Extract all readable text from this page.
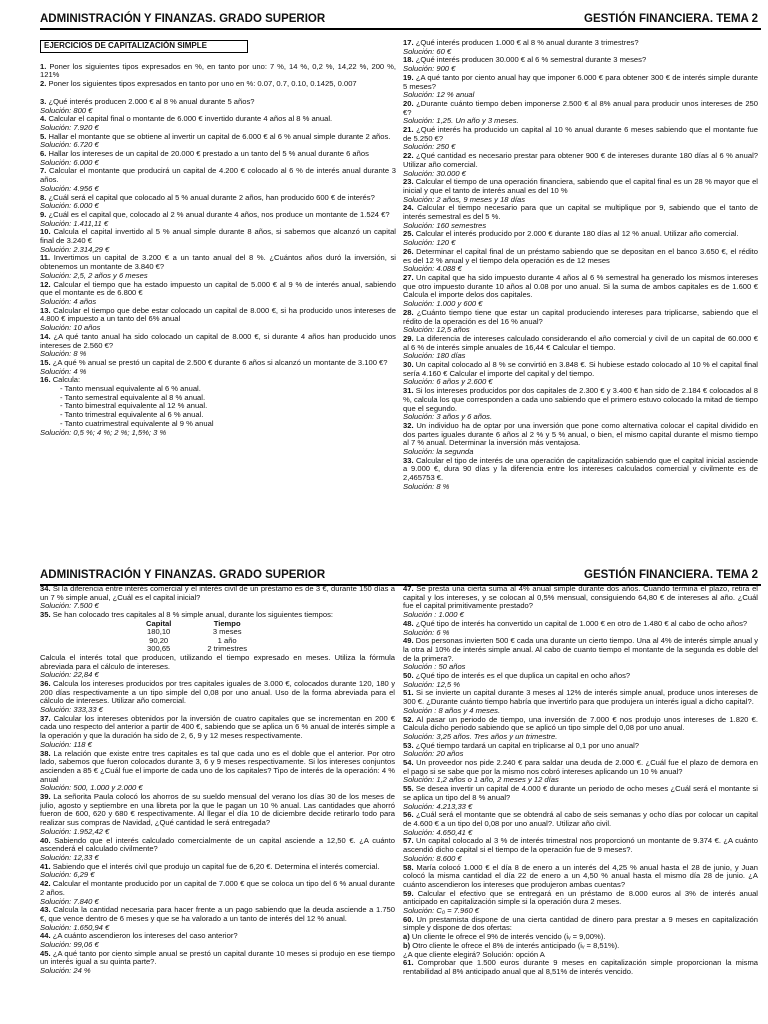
ADMINISTRACIÓN Y FINANZAS. GRADO SUPERIOR	GESTIÓN FINANCIERA. TEMA 2
EJERCICIOS DE CAPITALIZACIÓN SIMPLE

1. Poner los siguientes tipos expresados en %, en tanto por uno: 7 %, 14 %, 0,2 %, 14,22 %, 200 %, 121%

2. Poner los siguientes tipos expresados en tanto por uno en %: 0.07, 0.7, 0.10, 0.1425, 0.007

3. ¿Qué interés producen 2.000 € al 8 % anual durante 5 años?

Solución: 800 €

4. Calcular el capital final o montante de 6.000 € invertido durante 4 años al 8 % anual.

Solución: 7.920 €

5. Hallar el montante que se obtiene al invertir un capital de 6.000 € al 6 % anual simple durante 2 años.

Solución: 6.720 €

6. Hallar los intereses de un capital de 20.000 € prestado a un tanto del 5 % anual durante 6 años

Solución: 6.000 €

7. Calcular el montante que producirá un capital de 4.200 € colocado al 6 % de interés anual durante 3 años.

Solución: 4.956 €

8. ¿Cuál será el capital que colocado al 5 % anual durante 2 años, han producido 600 € de interés?

Solución: 6.000 €

9. ¿Cuál es el capital que, colocado al 2 % anual durante 4 años, nos produce un montante de 1.524 €?

Solución: 1.411,11 €

10. Calcula el capital invertido al 5 % anual simple durante 8 años, si sabemos que alcanzó un capital final de 3.240 €

Solución: 2.314,29 €

11. Invertimos un capital de 3.200 € a un tanto anual del 8 %. ¿Cuántos años duró la inversión, si obtenemos un montante de 3.840 €?

Solución: 2,5, 2 años y 6 meses

12. Calcular el tiempo que ha estado impuesto un capital de 5.000 € al 9 % de interés anual, sabiendo que el montante es de 6.800 €

Solución: 4 años

13. Calcular el tiempo que debe estar colocado un capital de 8.000 €, si ha producido unos intereses de 4.800 € impuesto a un tanto del 6% anual

Solución: 10 años

14. ¿A qué tanto anual ha sido colocado un capital de 8.000 €, si durante 4 años han producido unos intereses de 2.560 €?

Solución: 8 %

15. ¿A qué % anual se prestó un capital de 2.500 € durante 6 años si alcanzó un montante de 3.100 €?

Solución: 4 %

16. Calcula:

- Tanto mensual equivalente al 6 % anual.

- Tanto semestral equivalente al 8 % anual.

- Tanto bimestral equivalente al 12 % anual.

- Tanto trimestral equivalente al 6 % anual.

- Tanto cuatrimestral equivalente al 9 % anual

Solución: 0,5 %; 4 %; 2 %; 1,5%; 3 %

17. ¿Qué interés producen 1.000 € al 8 % anual durante 3 trimestres?

Solución: 60 €

18. ¿Qué interés producen 30.000 € al 6 % semestral durante 3 meses?

Solución: 900 €

19. ¿A qué tanto por ciento anual hay que imponer 6.000 € para obtener 300 € de interés simple durante 5 meses?

Solución: 12 % anual

20. ¿Durante cuánto tiempo deben imponerse 2.500 € al 8% anual para producir unos intereses de 250 €?

Solución: 1,25. Un año y 3 meses.

21. ¿Qué interés ha producido un capital al 10 % anual durante 6 meses sabiendo que el montante fue de 5.250 €?

Solución: 250 €

22. ¿Qué cantidad es necesario prestar para obtener 900 € de intereses durante 180 días al 6 % anual? Utilizar año comercial.

Solución: 30.000 €

23. Calcular el tiempo de una operación financiera, sabiendo que el capital final es un 28 % mayor que el inicial y que el tanto de interés anual es del 10 %

Solución: 2 años, 9 meses y 18 días

24. Calcular el tiempo necesario para que un capital se multiplique por 9, sabiendo que el tanto de interés semestral es del 5 %.

Solución: 160 semestres

25. Calcular el interés producido por 2.000 € durante 180 días al 12 % anual. Utilizar año comercial.

Solución: 120 €

26. Determinar el capital final de un préstamo sabiendo que se depositan en el banco 3.650 €, el rédito es del 12 % anual y el tiempo dela operación es de 12 meses

Solución: 4.088 €

27. Un capital que ha sido impuesto durante 4 años al 6 % semestral ha generado los mismos intereses que otro impuesto durante 10 años al 0.08 por uno anual. Si la suma de ambos capitales es de 1.600 € Calcula el importe delos dos capitales.

Solución: 1.000 y 600 €

28. ¿Cuánto tiempo tiene que estar un capital produciendo intereses para triplicarse, sabiendo que el rédito de la operación es del 16 % anual?

Solución: 12,5 años

29. La diferencia de intereses calculado considerando el año comercial y civil de un capital de 60.000 € al 6 % de interés simple anuales de 16,44 € Calcular el tiempo.

Solución: 180 días

30. Un capital colocado al 8 % se convirtió en 3.848 €. Si hubiese estado colocado al 10 % el capital final sería 4.160 € Calcular el importe del capital y del tiempo.

Solución: 6 años y 2.600 €

31. Si los intereses producidos por dos capitales de 2.300 € y 3.400 € han sido de 2.184 € colocados al 8 %, calcula los que corresponden a cada uno sabiendo que el primero estuvo colocado la mitad de tiempo que el segundo.

Solución: 3 años y 6 años.

32. Un individuo ha de optar por una inversión que pone como alternativa colocar el capital dividido en dos partes iguales durante 6 años al 2 % y 5 % anual, o bien, el mismo capital durante el mismo tiempo al 7 % anual. Determinar la inversión más ventajosa.

Solución: la segunda

33. Calcular el tipo de interés de una operación de capitalización sabiendo que el capital inicial asciende a 9.000 €, dura 90 días y la diferencia entre los intereses calculados comercial y civilmente es de 2,465753 €.

Solución: 8 %

ADMINISTRACIÓN Y FINANZAS. GRADO SUPERIOR	GESTIÓN FINANCIERA. TEMA 2

34. Si la diferencia entre interés comercial y el interés civil de un préstamo es de 3 €, durante 150 días a un 7 % simple anual, ¿Cuál es el capital inicial?

Solución: 7.500 €

35. Se han colocado tres capitales al 8 % simple anual, durante los siguientes tiempos:

Capital	Tiempo
180,10	3 meses
90,20	1 año
300,65	2 trimestres

Calcula el interés total que producen, utilizando el tiempo expresado en meses. Utiliza la fórmula abreviada para el cálculo de intereses.

Solución: 22,84 €

36. Calcula los intereses producidos por tres capitales iguales de 3.000 €, colocados durante 120, 180 y 200 días respectivamente a un tipo simple del 0,08 por uno anual. Uso de la forma abreviada para el cálculo de intereses. Utilizar año comercial.

Solución: 333,33 €

37. Calcular los intereses obtenidos por la inversión de cuatro capitales que se incrementan en 200 € cada uno respecto del anterior a partir de 400 €, sabiendo que se aplica un 6 % anual de interés simple a la operación y que la duración ha sido de 2, 6, 9 y 12 meses respectivamente.

Solución: 118 €

38. La relación que existe entre tres capitales es tal que cada uno es el doble que el anterior. Por otro lado, sabemos que fueron colocados durante 3, 6 y 9 meses respectivamente. Si los intereses conjuntos ascienden a 85 € ¿Cuál fue el importe de cada uno de los capitales? Tipo de interés de la operación: 4 % anual

Solución: 500, 1.000 y 2.000 €

39. La señorita Paula colocó los ahorros de su sueldo mensual del verano los días 30 de los meses de julio, agosto y septiembre en una libreta por la que le pagan un 10 % anual. Las cantidades que ahorró fueron de 600, 620 y 680 € respectivamente. Al llegar el día 10 de diciembre decide retirarlo todo para realizar sus compras de Navidad, ¿Qué cantidad le será entregada?

Solución: 1.952,42 €

40. Sabiendo que el interés calculado comercialmente de un capital asciende a 12,50 €. ¿A cuánto ascenderá el calculado civilmente?

Solución: 12,33 €

41. Sabiendo que el interés civil que produjo un capital fue de 6,20 €. Determina el interés comercial.

Solución: 6,29 €

42. Calcular el montante producido por un capital de 7.000 € que se coloca un tipo del 6 % anual durante 2 años.

Solución: 7.840 €

43. Calcula la cantidad necesaria para hacer frente a un pago sabiendo que la deuda asciende a 1.750 €, que vence dentro de 6 meses y que se ha valorado a un tanto de interés del 12 % anual.

Solución: 1.650,94 €

44. ¿A cuánto ascendieron los intereses del caso anterior?

Solución: 99,06 €

45. ¿A qué tanto por ciento simple anual se prestó un capital durante 10 meses si produjo en ese tiempo un interés igual a su quinta parte?.

Solución: 24 %

47. Se presta una cierta suma al 4% anual simple durante dos años. Cuando termina el plazo, retira el capital y los intereses, y se colocan al 0,5% mensual, consiguiendo 64,80 € de intereses al año. ¿Cuál fue el capital primitivamente prestado?

Solución : 1.000 €

48. ¿Qué tipo de interés ha convertido un capital de 1.000 € en otro de 1.480 € al cabo de ocho años?

Solución: 6 %

49. Dos personas invierten 500 € cada una durante un cierto tiempo. Una al 4% de interés simple anual y la otra al 10% de interés simple anual. Al cabo de cuanto tiempo el montante de la segunda es doble del de la primera?.

Solución : 50 años

50. ¿Qué tipo de interés es el que duplica un capital en ocho años?

Solución: 12,5 %

51. Si se invierte un capital durante 3 meses al 12% de interés simple anual, produce unos intereses de 300 €. ¿Durante cuánto tiempo habría que invertirlo para que produjera un interés igual a dicho capital?.

Solución : 8 años y 4 meses.

52. Al pasar un periodo de tiempo, una inversión de 7.000 € nos produjo unos intereses de 1.820 €. Calcula dicho periodo sabiendo que se aplicó un tipo simple del 0,08 por uno anual.

Solución: 3,25 años. Tres años y un trimestre.

53. ¿Qué tiempo tardará un capital en triplicarse al 0,1 por uno anual?

Solución: 20 años

54. Un proveedor nos pide 2.240 € para saldar una deuda de 2.000 €. ¿Cuál fue el plazo de demora en el pago si se sabe que por la mismo nos cobró intereses aplicando un 10 % anual?

Solución: 1,2 años o 1 año, 2 meses y 12 días

55. Se desea invertir un capital de 4.000 € durante un periodo de ocho meses ¿Cuál será el montante si se aplica un tipo del 8 % anual?

Solución: 4.213,33 €

56. ¿Cuál será el montante que se obtendrá al cabo de seis semanas y ocho días por colocar un capital de 4.600 € a un tipo del 0,08 por uno anual?. Utilizar año civil.

Solución: 4.650,41 €

57. Un capital colocado al 3 % de interés trimestral nos proporcionó un montante de 9.374 €. ¿A cuánto ascendió dicho capital si el tiempo de la operación fue de 9 meses?.

Solución: 8.600 €

58. María colocó 1.000 € el día 8 de enero a un interés del 4,25 % anual hasta el 28 de junio, y Juan colocó la misma cantidad el día 22 de enero a un 4,50 % anual hasta el mismo día 28 de junio. ¿A cuánto ascendieron los intereses que produjeron ambas cuentas?

59. Calcular el efectivo que se entregará en un préstamo de 8.000 euros al 3% de interés anual anticipado en capitalización simple si la operación dura 2 meses.

Solución: C₀ = 7.960 €

60. Un prestamista dispone de una cierta cantidad de dinero para prestar a 9 meses en capitalización simple y dispone de dos ofertas:

a) Un cliente le ofrece el 9% de interés vencido (iᵥ = 9,00%).

b) Otro cliente le ofrece el 8% de interés anticipado (iᵥ = 8,51%).

¿A que cliente elegirá? Solución: opción A

61. Comprobar que 1.500 euros durante 9 meses en capitalización simple proporcionan la misma rentabilidad al 8% anticipado anual que al 8,51% de interés vencido.
